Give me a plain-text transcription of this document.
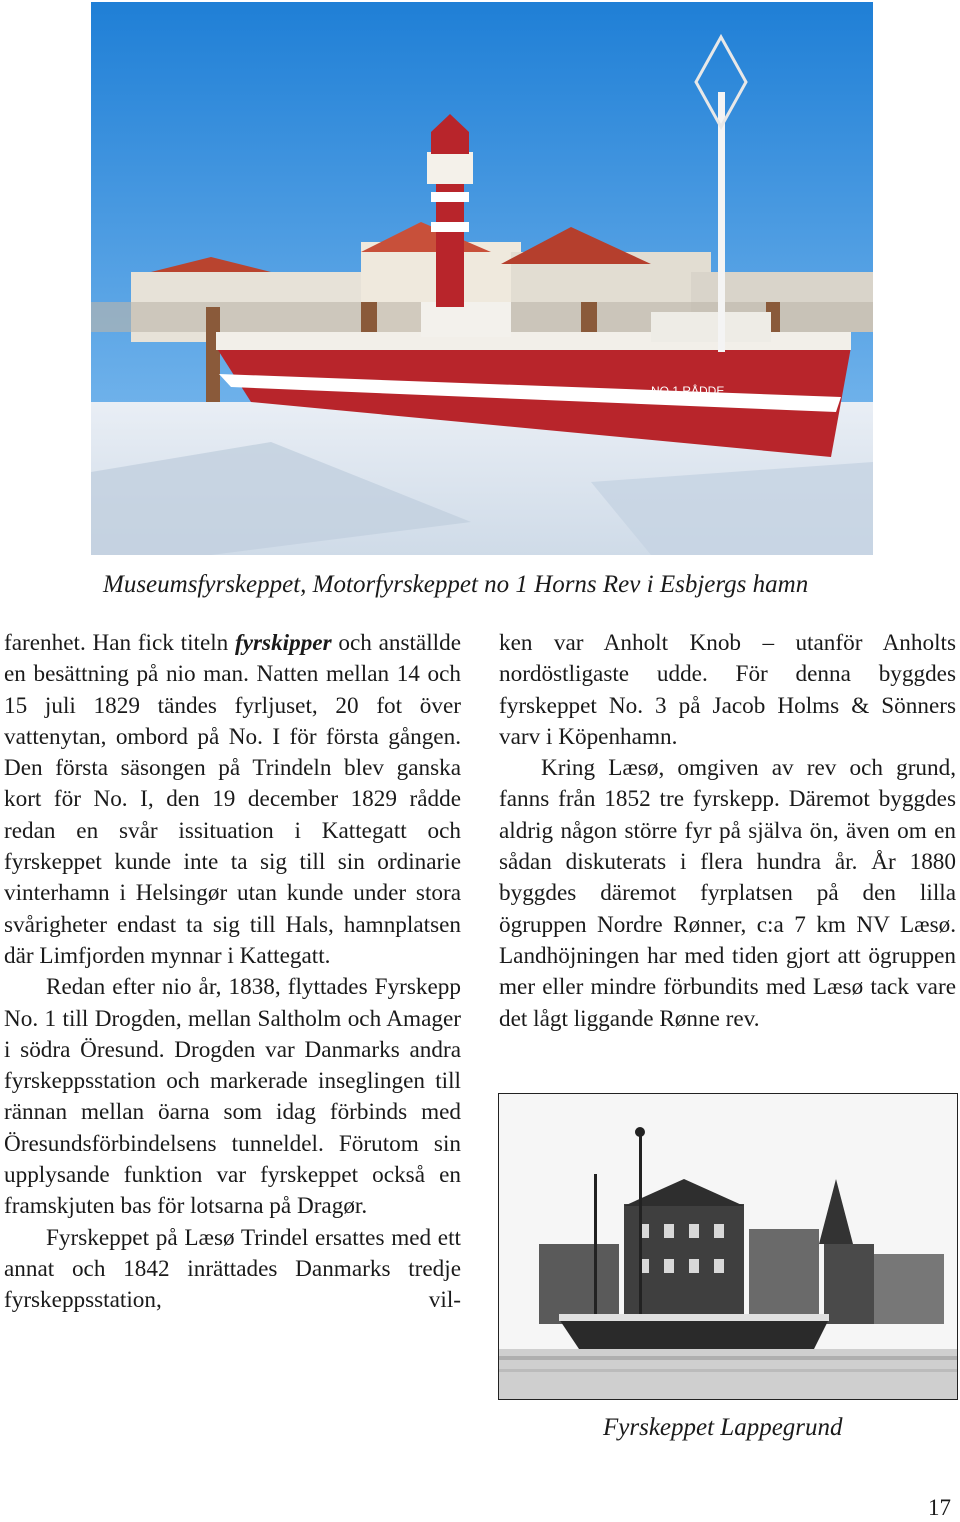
NO 1 RÅDDE
Museumsfyrskeppet, Motorfyrskeppet no 1 Horns Rev i Esbjergs hamn

farenhet. Han fick titeln fyrskipper och anställde en besättning på nio man. Natten mellan 14 och 15 juli 1829 tändes fyrljuset, 20 fot över vattenytan, ombord på No. I för första gången. Den första säsongen på Trindeln blev ganska kort för No. I, den 19 december 1829 rådde redan en svår issituation i Kattegatt och fyrskeppet kunde inte ta sig till sin ordinarie vinterhamn i Helsingør utan kunde under stora svårigheter endast ta sig till Hals, hamnplatsen där Limfjorden mynnar i Kattegatt.

Redan efter nio år, 1838, flyttades Fyrskepp No. 1 till Drogden, mellan Saltholm och Amager i södra Öresund. Drogden var Danmarks andra fyrskeppsstation och markerade inseglingen till rännan mellan öarna som idag förbinds med Öresundsförbindelsens tunneldel. Förutom sin upplysande funktion var fyrskeppet också en framskjuten bas för lotsarna på Dragør.

Fyrskeppet på Læsø Trindel ersattes med ett annat och 1842 inrättades Danmarks tredje fyrskeppsstation, vil-

ken var Anholt Knob – utanför Anholts nordöstligaste udde. För denna byggdes fyrskeppet No. 3 på Jacob Holms & Sönners varv i Köpenhamn.

Kring Læsø, omgiven av rev och grund, fanns från 1852 tre fyrskepp. Däremot byggdes aldrig någon större fyr på själva ön, även om en sådan diskuterats i flera hundra år. År 1880 byggdes däremot fyrplatsen på den lilla ögruppen Nordre Rønner, c:a 7 km NV Læsø. Landhöjningen har med tiden gjort att ögruppen mer eller mindre förbundits med Læsø tack vare det lågt liggande Rønne rev.

Fyrskeppet Lappegrund
17
